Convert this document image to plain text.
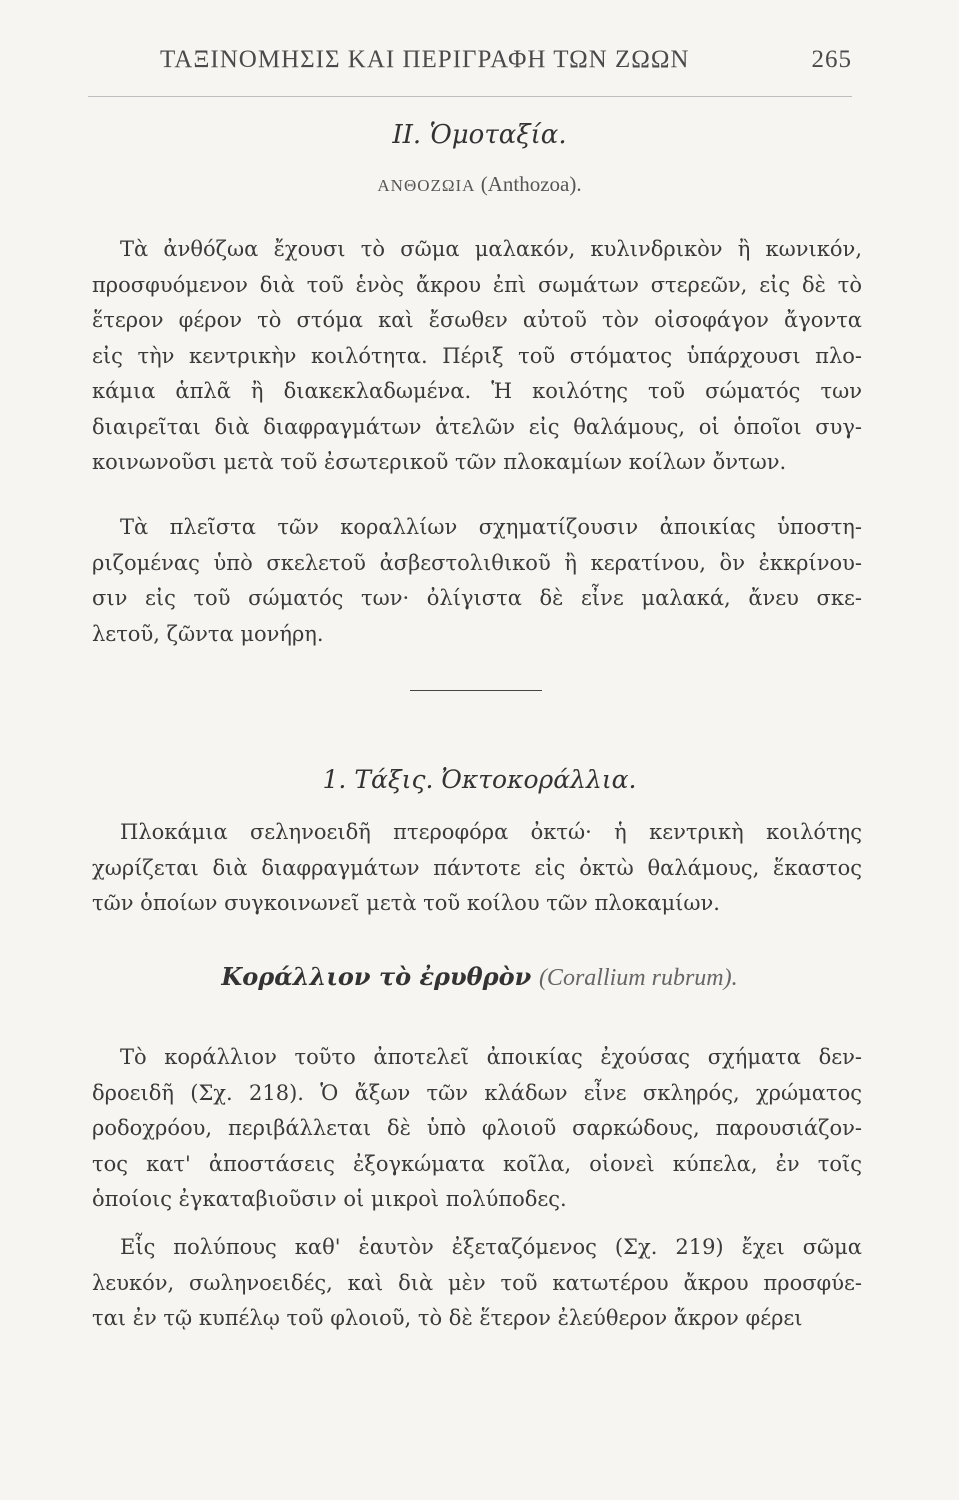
ΤΑΞΙΝΟΜΗΣΙΣ ΚΑΙ ΠΕΡΙΓΡΑΦΗ ΤΩΝ ΖΩΩΝ	265
II. Ὁμοταξία.
ΑΝΘΟΖΩΙΑ (Anthozoa).
Τὰ ἀνθόζωα ἔχουσι τὸ σῶμα μαλακόν, κυλινδρικὸν ἢ κωνικόν,
προσφυόμενον διὰ τοῦ ἑνὸς ἄκρου ἐπὶ σωμάτων στερεῶν, εἰς δὲ τὸ
ἕτερον φέρον τὸ στόμα καὶ ἔσωθεν αὐτοῦ τὸν οἰσοφάγον ἄγοντα
εἰς τὴν κεντρικὴν κοιλότητα. Πέριξ τοῦ στόματος ὑπάρχουσι πλο-
κάμια ἁπλᾶ ἢ διακεκλαδωμένα. Ἡ κοιλότης τοῦ σώματός των
διαιρεῖται διὰ διαφραγμάτων ἀτελῶν εἰς θαλάμους, οἱ ὁποῖοι συγ-
κοινωνοῦσι μετὰ τοῦ ἐσωτερικοῦ τῶν πλοκαμίων κοίλων ὄντων.
Τὰ πλεῖστα τῶν κοραλλίων σχηματίζουσιν ἀποικίας ὑποστη-
ριζομένας ὑπὸ σκελετοῦ ἀσβεστολιθικοῦ ἢ κερατίνου, ὃν ἐκκρίνου-
σιν εἰς τοῦ σώματός των· ὀλίγιστα δὲ εἶνε μαλακά, ἄνευ σκε-
λετοῦ, ζῶντα μονήρη.
1. Τάξις. Ὀκτοκοράλλια.
Πλοκάμια σεληνοειδῆ πτεροφόρα ὀκτώ· ἡ κεντρικὴ κοιλότης
χωρίζεται διὰ διαφραγμάτων πάντοτε εἰς ὀκτὼ θαλάμους, ἕκαστος
τῶν ὁποίων συγκοινωνεῖ μετὰ τοῦ κοίλου τῶν πλοκαμίων.
Κοράλλιον τὸ ἐρυθρὸν (Corallium rubrum).
Τὸ κοράλλιον τοῦτο ἀποτελεῖ ἀποικίας ἐχούσας σχήματα δεν-
δροειδῆ (Σχ. 218). Ὁ ἄξων τῶν κλάδων εἶνε σκληρός, χρώματος
ροδοχρόου, περιβάλλεται δὲ ὑπὸ φλοιοῦ σαρκώδους, παρουσιάζον-
τος κατ' ἀποστάσεις ἐξογκώματα κοῖλα, οἱονεὶ κύπελα, ἐν τοῖς
ὁποίοις ἐγκαταβιοῦσιν οἱ μικροὶ πολύποδες.
Εἷς πολύπους καθ' ἑαυτὸν ἐξεταζόμενος (Σχ. 219) ἔχει σῶμα
λευκόν, σωληνοειδές, καὶ διὰ μὲν τοῦ κατωτέρου ἄκρου προσφύε-
ται ἐν τῷ κυπέλῳ τοῦ φλοιοῦ, τὸ δὲ ἕτερον ἐλεύθερον ἄκρον φέρει
